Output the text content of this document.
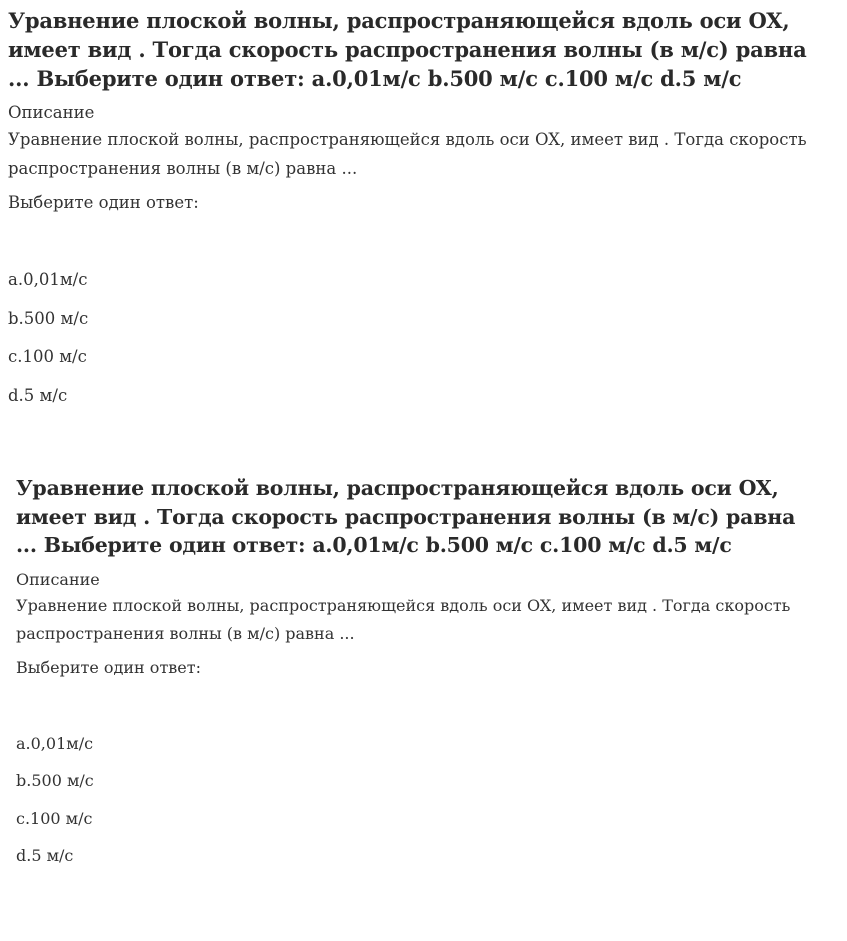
Уравнение плоской волны, распространяющейся вдоль оси OX, имеет вид . Тогда скорость распространения волны (в м/с) равна ... Выберите один ответ: a.0,01м/с b.500 м/с c.100 м/с d.5 м/с
Описание
Уравнение плоской волны, распространяющейся вдоль оси OX, имеет вид . Тогда скорость распространения волны (в м/с) равна ...
Выберите один ответ:
a.0,01м/с
b.500 м/с
c.100 м/с
d.5 м/с
Уравнение плоской волны, распространяющейся вдоль оси OX, имеет вид . Тогда скорость распространения волны (в м/с) равна ... Выберите один ответ: a.0,01м/с b.500 м/с c.100 м/с d.5 м/с
Описание
Уравнение плоской волны, распространяющейся вдоль оси OX, имеет вид . Тогда скорость распространения волны (в м/с) равна ...
Выберите один ответ:
a.0,01м/с
b.500 м/с
c.100 м/с
d.5 м/с
